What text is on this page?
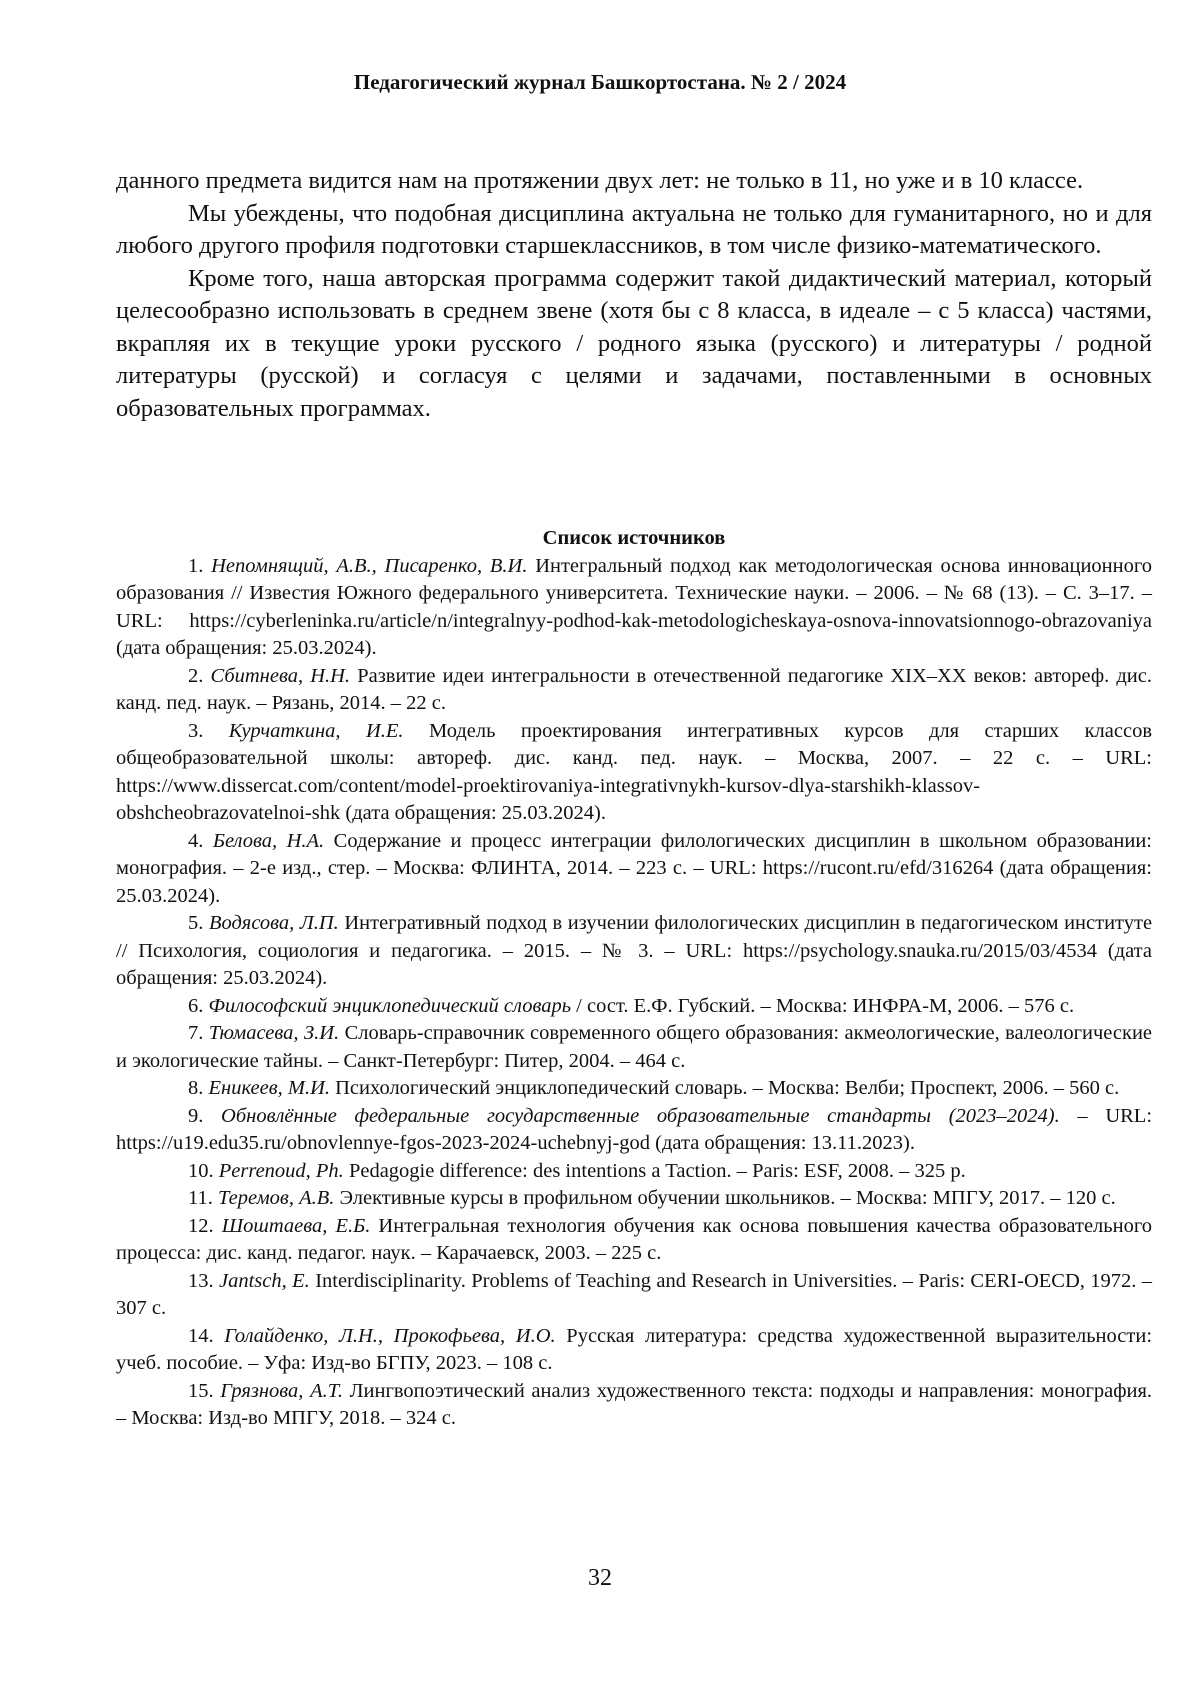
Педагогический журнал Башкортостана. № 2 / 2024

данного предмета видится нам на протяжении двух лет: не только в 11, но уже и в 10 классе.

Мы убеждены, что подобная дисциплина актуальна не только для гуманитарного, но и для любого другого профиля подготовки старшеклассников, в том числе физико-математического.

Кроме того, наша авторская программа содержит такой дидактический материал, который целесообразно использовать в среднем звене (хотя бы с 8 класса, в идеале – с 5 класса) частями, вкрапляя их в текущие уроки русского / родного языка (русского) и литературы / родной литературы (русской) и согласуя с целями и задачами, поставленными в основных образовательных программах.

Список источников

1. Непомнящий, А.В., Писаренко, В.И. Интегральный подход как методологическая основа инновационного образования // Известия Южного федерального университета. Технические науки. – 2006. – № 68 (13). – С. 3–17. – URL: https://cyberleninka.ru/article/n/integralnyy-podhod-kak-metodologicheskaya-osnova-innovatsionnogo-obrazovaniya (дата обращения: 25.03.2024).

2. Сбитнева, Н.Н. Развитие идеи интегральности в отечественной педагогике XIX–XX веков: автореф. дис. канд. пед. наук. – Рязань, 2014. – 22 с.

3. Курчаткина, И.Е. Модель проектирования интегративных курсов для старших классов общеобразовательной школы: автореф. дис. канд. пед. наук. – Москва, 2007. – 22 с. – URL: https://www.dissercat.com/content/model-proektirovaniya-integrativnykh-kursov-dlya-starshikh-klassov-obshcheobrazovatelnoi-shk (дата обращения: 25.03.2024).

4. Белова, Н.А. Содержание и процесс интеграции филологических дисциплин в школьном образовании: монография. – 2-е изд., стер. – Москва: ФЛИНТА, 2014. – 223 с. – URL: https://rucont.ru/efd/316264 (дата обращения: 25.03.2024).

5. Водясова, Л.П. Интегративный подход в изучении филологических дисциплин в педагогическом институте // Психология, социология и педагогика. – 2015. – № 3. – URL: https://psychology.snauka.ru/2015/03/4534 (дата обращения: 25.03.2024).

6. Философский энциклопедический словарь / сост. Е.Ф. Губский. – Москва: ИНФРА-М, 2006. – 576 с.

7. Тюмасева, З.И. Словарь-справочник современного общего образования: акмеологические, валеологические и экологические тайны. – Санкт-Петербург: Питер, 2004. – 464 с.

8. Еникеев, М.И. Психологический энциклопедический словарь. – Москва: Велби; Проспект, 2006. – 560 с.

9. Обновлённые федеральные государственные образовательные стандарты (2023–2024). – URL: https://u19.edu35.ru/obnovlennye-fgos-2023-2024-uchebnyj-god (дата обращения: 13.11.2023).

10. Perrenoud, Ph. Pedagogie difference: des intentions a Taction. – Paris: ESF, 2008. – 325 p.

11. Теремов, А.В. Элективные курсы в профильном обучении школьников. – Москва: МПГУ, 2017. – 120 с.

12. Шоштаева, Е.Б. Интегральная технология обучения как основа повышения качества образовательного процесса: дис. канд. педагог. наук. – Карачаевск, 2003. – 225 с.

13. Jantsch, E. Interdisciplinarity. Problems of Teaching and Research in Universities. – Paris: CERI-OECD, 1972. – 307 с.

14. Голайденко, Л.Н., Прокофьева, И.О. Русская литература: средства художественной выразительности: учеб. пособие. – Уфа: Изд-во БГПУ, 2023. – 108 с.

15. Грязнова, А.Т. Лингвопоэтический анализ художественного текста: подходы и направления: монография. – Москва: Изд-во МПГУ, 2018. – 324 с.

32
